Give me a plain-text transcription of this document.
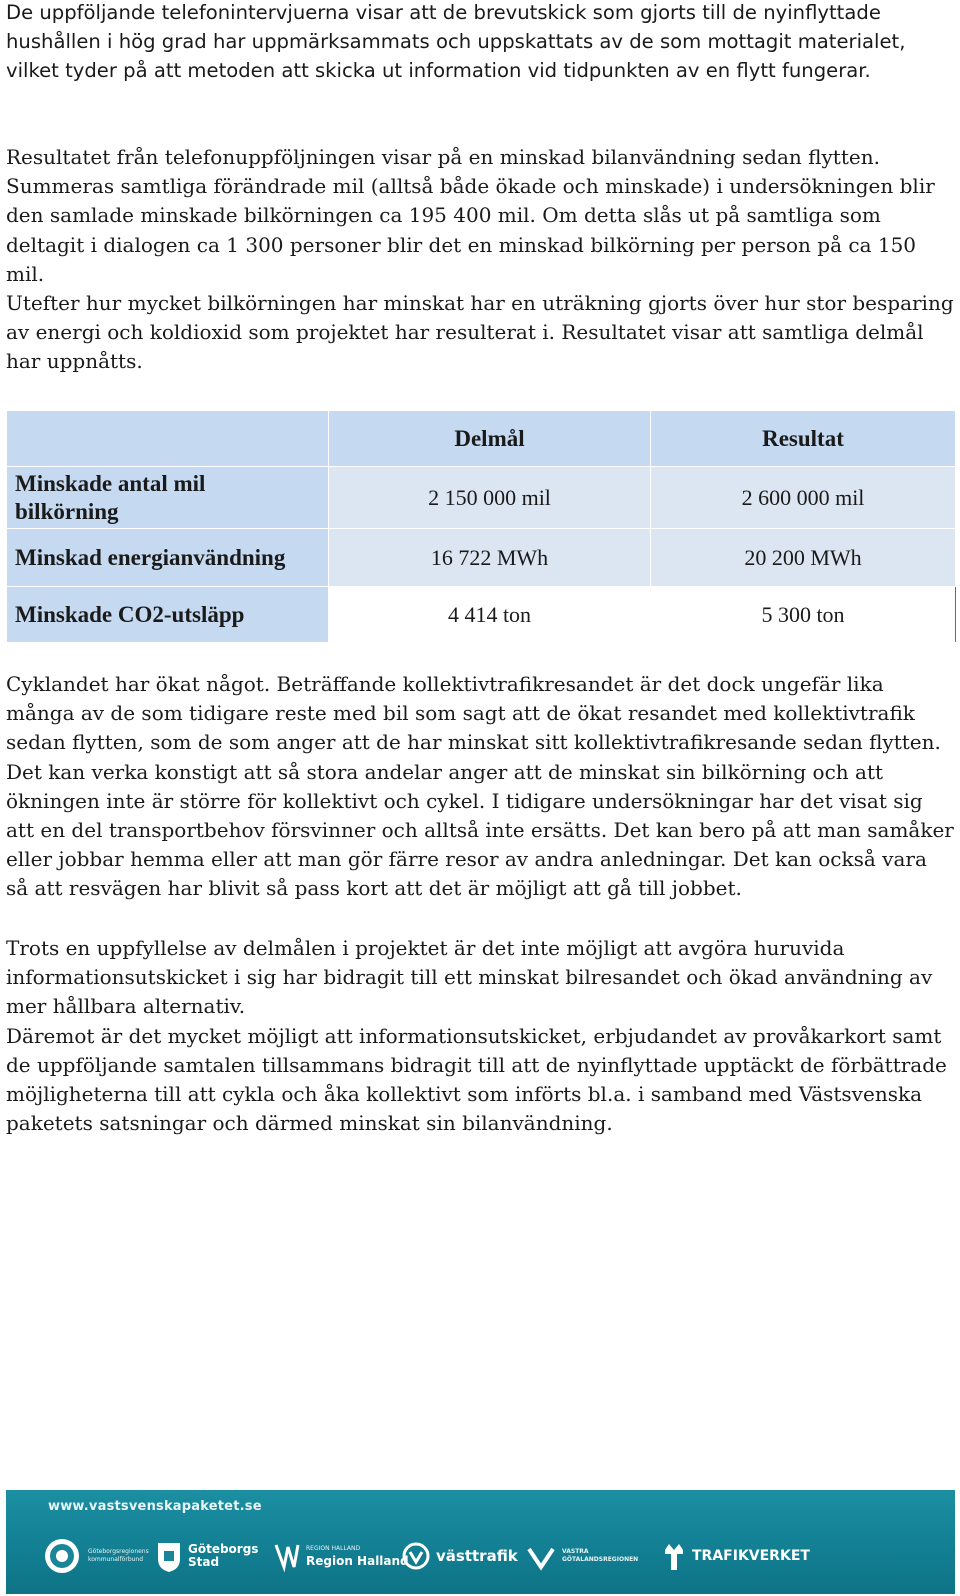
De uppföljande telefonintervjuerna visar att de brevutskick som gjorts till de nyinflyttade hushållen i hög grad har uppmärksammats och uppskattats av de som mottagit materialet, vilket tyder på att metoden att skicka ut information vid tidpunkten av en flytt fungerar.

Resultatet från telefonuppföljningen visar på en minskad bilanvändning sedan flytten.

Summeras samtliga förändrade mil (alltså både ökade och minskade) i undersökningen blir den samlade minskade bilkörningen ca 195 400 mil. Om detta slås ut på samtliga som deltagit i dialogen ca 1 300 personer blir det en minskad bilkörning per person på ca 150 mil.

Utefter hur mycket bilkörningen har minskat har en uträkning gjorts över hur stor besparing av energi och koldioxid som projektet har resulterat i. Resultatet visar att samtliga delmål har uppnåtts.

	Delmål	Resultat
Minskade antal mil
bilkörning	2 150 000 mil	2 600 000 mil
Minskad energianvändning	16 722 MWh	20 200 MWh
Minskade CO2-utsläpp	4 414 ton	5 300 ton

Cyklandet har ökat något. Beträffande kollektivtrafikresandet är det dock ungefär lika många av de som tidigare reste med bil som sagt att de ökat resandet med kollektivtrafik sedan flytten, som de som anger att de har minskat sitt kollektivtrafikresande sedan flytten. Det kan verka konstigt att så stora andelar anger att de minskat sin bilkörning och att ökningen inte är större för kollektivt och cykel. I tidigare undersökningar har det visat sig att en del transportbehov försvinner och alltså inte ersätts. Det kan bero på att man samåker eller jobbar hemma eller att man gör färre resor av andra anledningar. Det kan också vara så att resvägen har blivit så pass kort att det är möjligt att gå till jobbet.

Trots en uppfyllelse av delmålen i projektet är det inte möjligt att avgöra huruvida informationsutskicket i sig har bidragit till ett minskat bilresandet och ökad användning av mer hållbara alternativ.

Däremot är det mycket möjligt att informationsutskicket, erbjudandet av provåkarkort samt de uppföljande samtalen tillsammans bidragit till att de nyinflyttade upptäckt de förbättrade möjligheterna till att cykla och åka kollektivt som införts bl.a. i samband med Västsvenska paketets satsningar och därmed minskat sin bilanvändning.

www.vastsvenskapaketet.se
Göteborgsregionens kommunalförbund
Göteborgs
Stad
REGION HALLAND
Region Halland västtrafik	VÄSTRA
GÖTALANDSREGIONEN	TRAFIKVERKET
